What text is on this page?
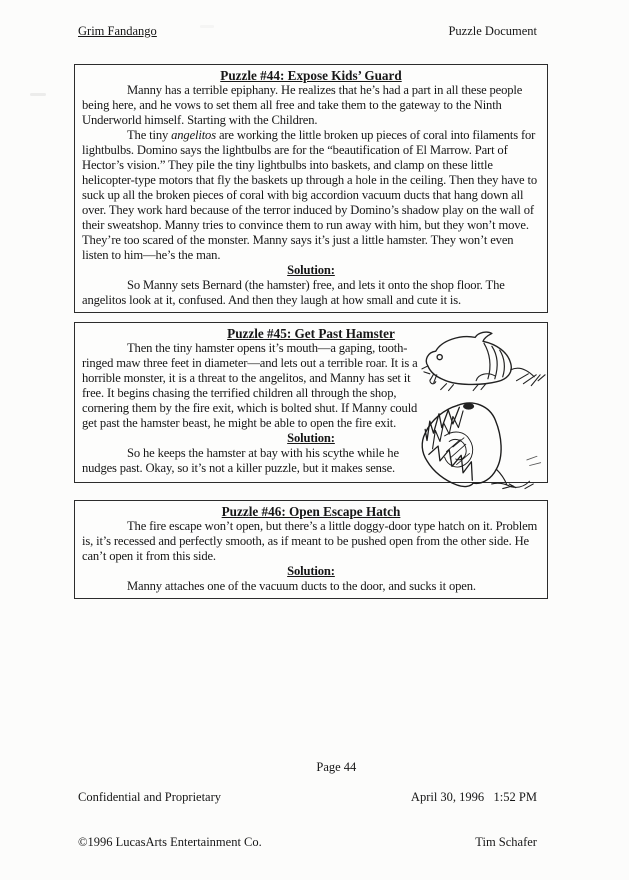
Grim Fandango	Puzzle Document
Puzzle #44: Expose Kids’ Guard

Manny has a terrible epiphany. He realizes that he’s had a part in all these people being here, and he vows to set them all free and take them to the gateway to the Ninth Underworld himself. Starting with the Children.

The tiny angelitos are working the little broken up pieces of coral into filaments for lightbulbs. Domino says the lightbulbs are for the “beautification of El Marrow. Part of Hector’s vision.” They pile the tiny lightbulbs into baskets, and clamp on these little helicopter-type motors that fly the baskets up through a hole in the ceiling. Then they have to suck up all the broken pieces of coral with big accordion vacuum ducts that hang down all over. They work hard because of the terror induced by Domino’s shadow play on the wall of their sweatshop. Manny tries to convince them to run away with him, but they won’t move. They’re too scared of the monster. Manny says it’s just a little hamster. They won’t even listen to him—he’s the man.

Solution:

So Manny sets Bernard (the hamster) free, and lets it onto the shop floor. The angelitos look at it, confused. And then they laugh at how small and cute it is.

Puzzle #45: Get Past Hamster

Then the tiny hamster opens it’s mouth—a gaping, tooth-ringed maw three feet in diameter—and lets out a terrible roar. It is a horrible monster, it is a threat to the angelitos, and Manny has set it free. It begins chasing the terrified children all through the shop, cornering them by the fire exit, which is bolted shut. If Manny could get past the hamster beast, he might be able to open the fire exit.

Solution:

So he keeps the hamster at bay with his scythe while he nudges past. Okay, so it’s not a killer puzzle, but it makes sense.

Puzzle #46: Open Escape Hatch

The fire escape won’t open, but there’s a little doggy-door type hatch on it. Problem is, it’s recessed and perfectly smooth, as if meant to be pushed open from the other side. He can’t open it from this side.

Solution:

Manny attaches one of the vacuum ducts to the door, and sucks it open.

Confidential and Proprietary

©1996 LucasArts Entertainment Co.

Page 44

April 30, 1996   1:52 PM

Tim Schafer
